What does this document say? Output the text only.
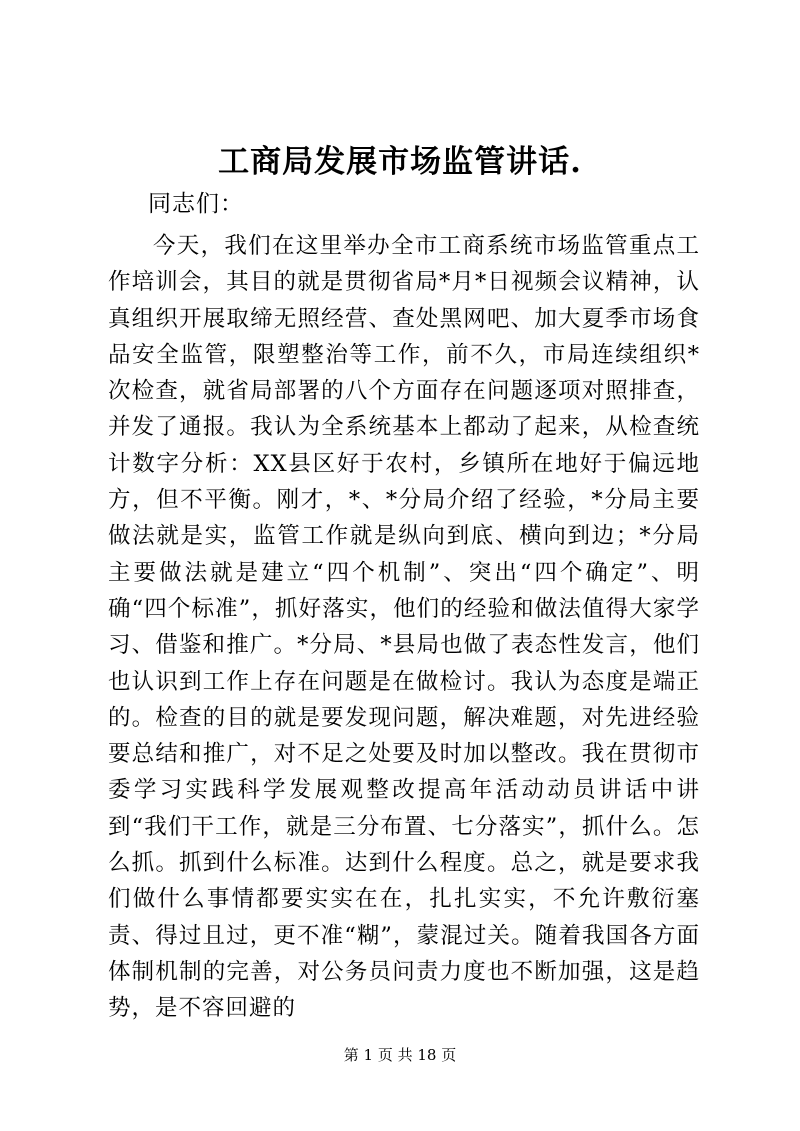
工商局发展市场监管讲话.
同志们：

今天，我们在这里举办全市工商系统市场监管重点工作培训会，其目的就是贯彻省局*月*日视频会议精神，认真组织开展取缔无照经营、查处黑网吧、加大夏季市场食品安全监管，限塑整治等工作，前不久，市局连续组织*次检查，就省局部署的八个方面存在问题逐项对照排查，并发了通报。我认为全系统基本上都动了起来，从检查统计数字分析：XX县区好于农村，乡镇所在地好于偏远地方，但不平衡。刚才，*、*分局介绍了经验，*分局主要做法就是实，监管工作就是纵向到底、横向到边；*分局主要做法就是建立“四个机制”、突出“四个确定”、明确“四个标准”，抓好落实，他们的经验和做法值得大家学习、借鉴和推广。*分局、*县局也做了表态性发言，他们也认识到工作上存在问题是在做检讨。我认为态度是端正的。检查的目的就是要发现问题，解决难题，对先进经验要总结和推广，对不足之处要及时加以整改。我在贯彻市委学习实践科学发展观整改提高年活动动员讲话中讲到“我们干工作，就是三分布置、七分落实”，抓什么。怎么抓。抓到什么标准。达到什么程度。总之，就是要求我们做什么事情都要实实在在，扎扎实实，不允许敷衍塞责、得过且过，更不准“糊”，蒙混过关。随着我国各方面体制机制的完善，对公务员问责力度也不断加强，这是趋势，是不容回避的

第 1 页 共 18 页
